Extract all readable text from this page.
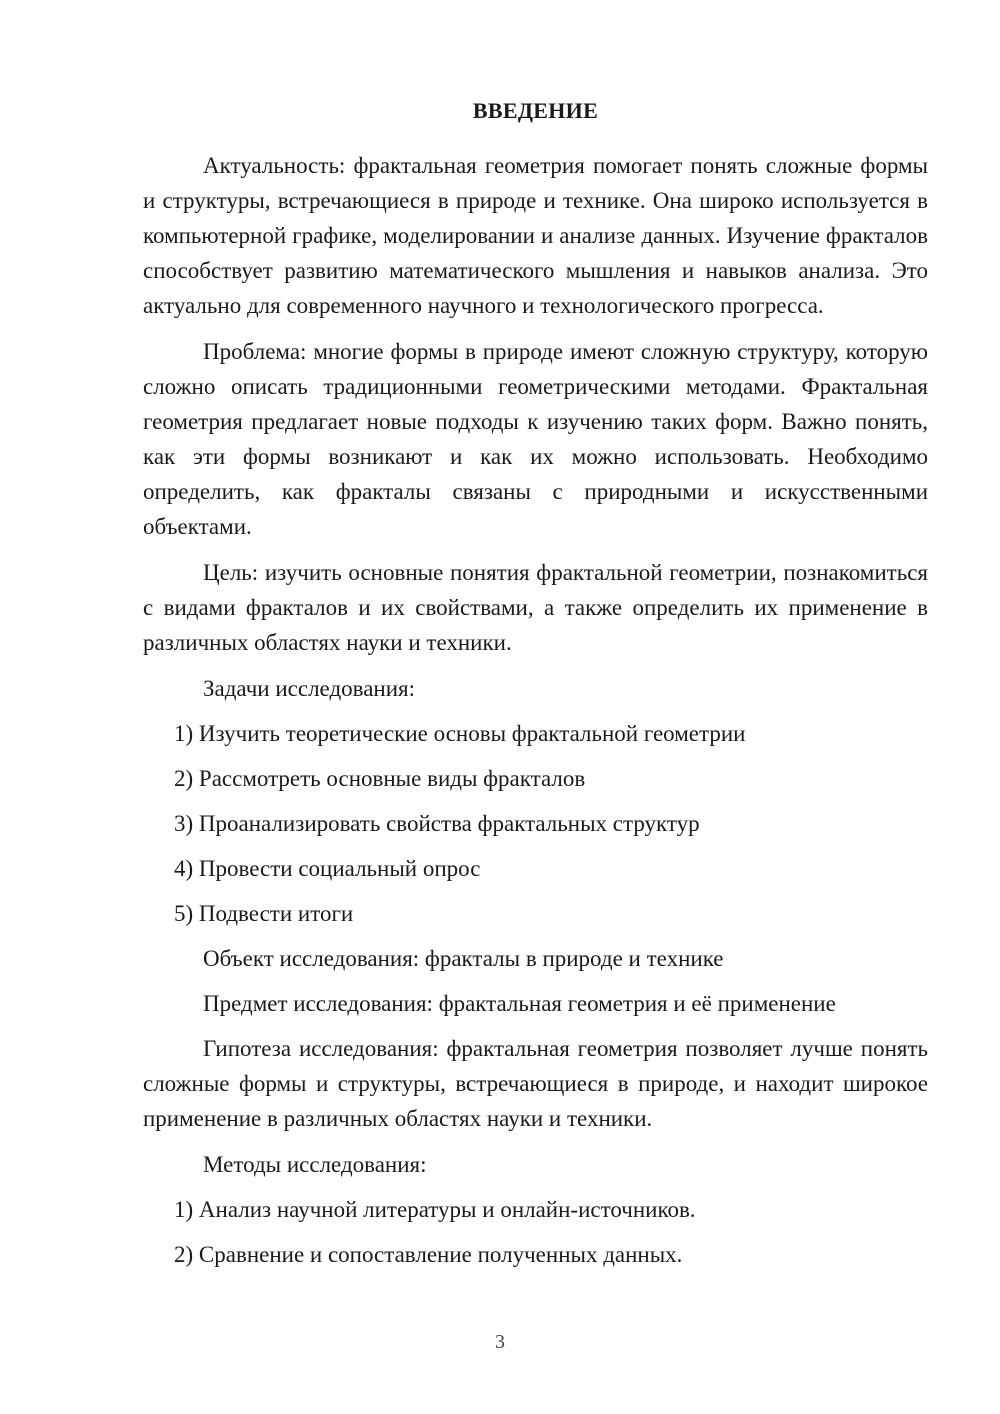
ВВЕДЕНИЕ

Актуальность: фрактальная геометрия помогает понять сложные формы и структуры, встречающиеся в природе и технике. Она широко используется в компьютерной графике, моделировании и анализе данных. Изучение фракталов способствует развитию математического мышления и навыков анализа. Это актуально для современного научного и технологического прогресса.

Проблема: многие формы в природе имеют сложную структуру, которую сложно описать традиционными геометрическими методами. Фрактальная геометрия предлагает новые подходы к изучению таких форм. Важно понять, как эти формы возникают и как их можно использовать. Необходимо определить, как фракталы связаны с природными и искусственными объектами.

Цель: изучить основные понятия фрактальной геометрии, познакомиться с видами фракталов и их свойствами, а также определить их применение в различных областях науки и техники.

Задачи исследования:
1) Изучить теоретические основы фрактальной геометрии
2) Рассмотреть основные виды фракталов
3) Проанализировать свойства фрактальных структур
4) Провести социальный опрос
5) Подвести итоги
Объект исследования: фракталы в природе и технике
Предмет исследования: фрактальная геометрия и её применение

Гипотеза исследования: фрактальная геометрия позволяет лучше понять сложные формы и структуры, встречающиеся в природе, и находит широкое применение в различных областях науки и техники.

Методы исследования:
1) Анализ научной литературы и онлайн-источников.
2) Сравнение и сопоставление полученных данных.
3
